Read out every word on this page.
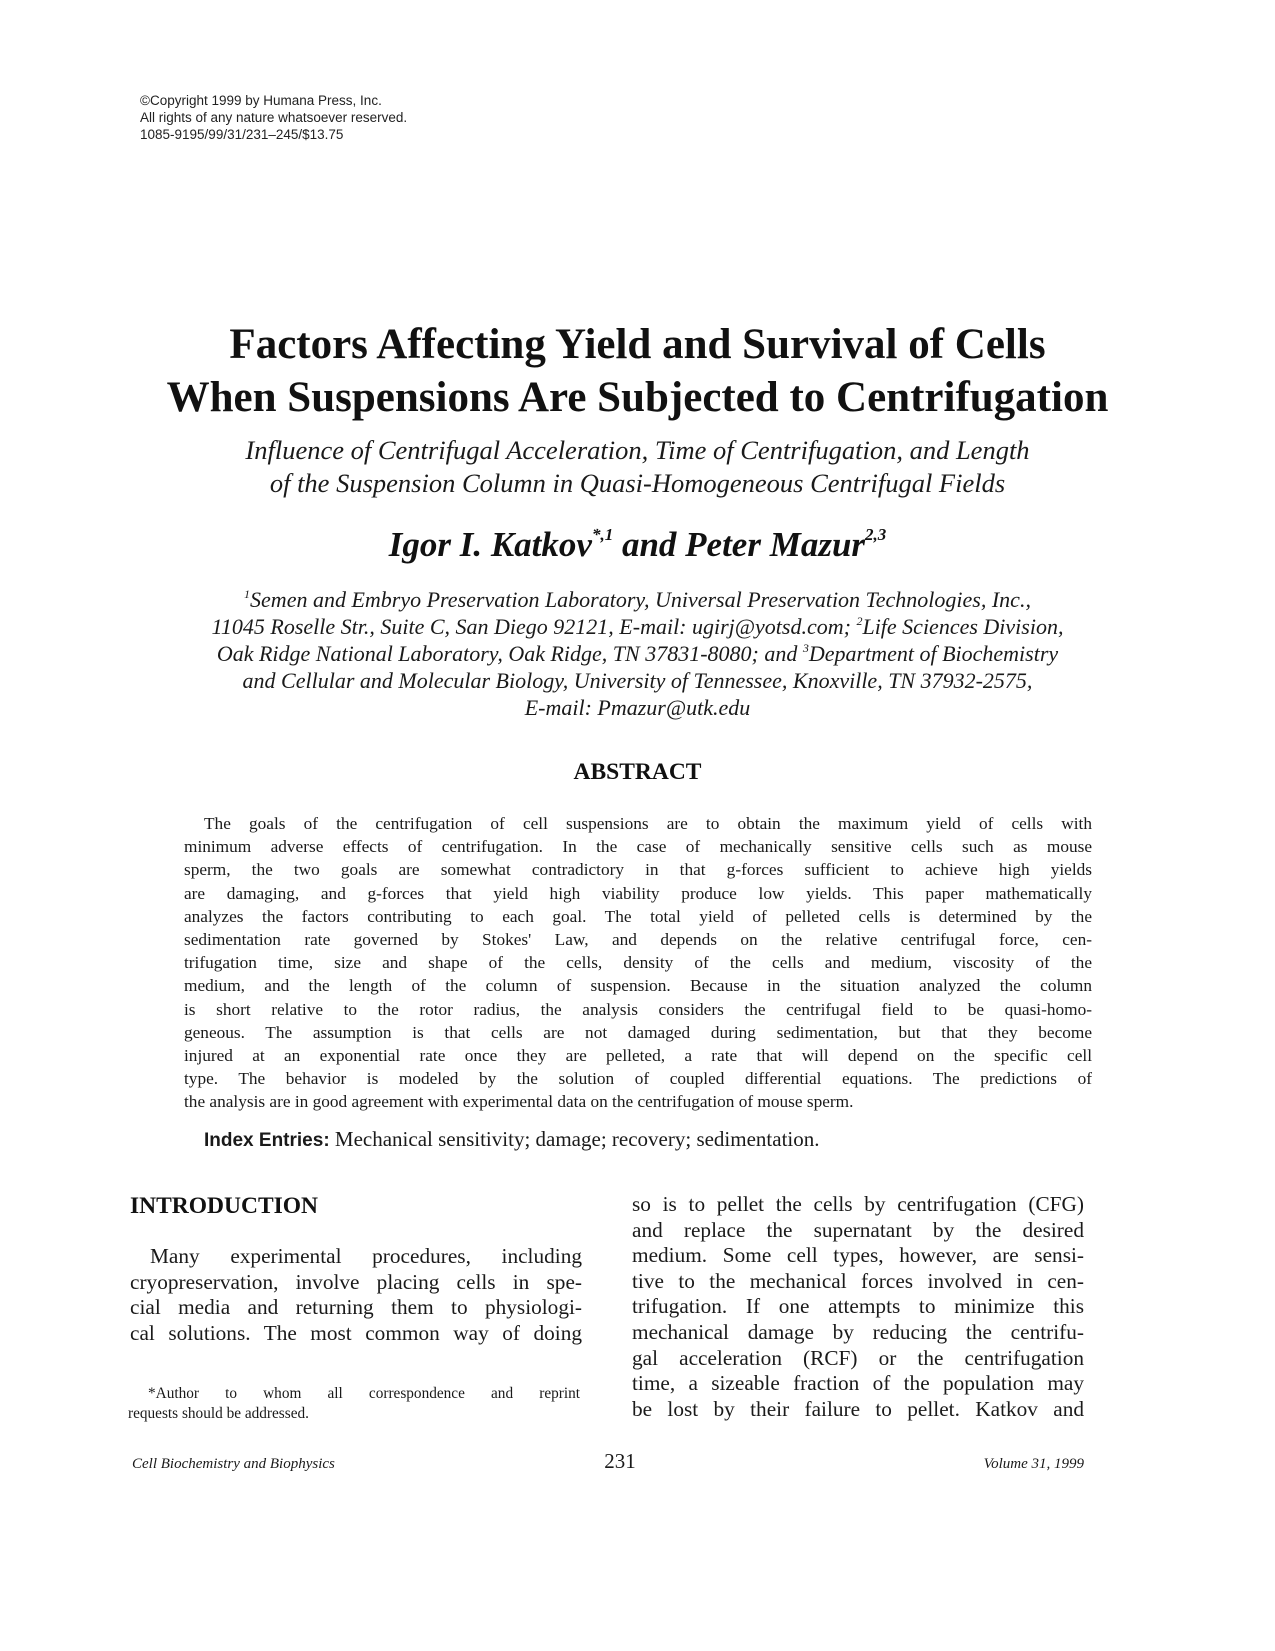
©Copyright 1999 by Humana Press, Inc.
All rights of any nature whatsoever reserved.
1085-9195/99/31/231–245/$13.75
Factors Affecting Yield and Survival of Cells
When Suspensions Are Subjected to Centrifugation
Influence of Centrifugal Acceleration, Time of Centrifugation, and Length
of the Suspension Column in Quasi-Homogeneous Centrifugal Fields
Igor I. Katkov$^{*,1}$ and Peter Mazur$^{2,3}$
$^1$Semen and Embryo Preservation Laboratory, Universal Preservation Technologies, Inc.,
11045 Roselle Str., Suite C, San Diego 92121, E-mail: ugirj@yotsd.com; $^2$Life Sciences Division,
Oak Ridge National Laboratory, Oak Ridge, TN 37831-8080; and $^3$Department of Biochemistry
and Cellular and Molecular Biology, University of Tennessee, Knoxville, TN 37932-2575,
E-mail: Pmazur@utk.edu
ABSTRACT
The goals of the centrifugation of cell suspensions are to obtain the maximum yield of cells with
minimum adverse effects of centrifugation. In the case of mechanically sensitive cells such as mouse
sperm, the two goals are somewhat contradictory in that g-forces sufficient to achieve high yields
are damaging, and g-forces that yield high viability produce low yields. This paper mathematically
analyzes the factors contributing to each goal. The total yield of pelleted cells is determined by the
sedimentation rate governed by Stokes' Law, and depends on the relative centrifugal force, cen-
trifugation time, size and shape of the cells, density of the cells and medium, viscosity of the
medium, and the length of the column of suspension. Because in the situation analyzed the column
is short relative to the rotor radius, the analysis considers the centrifugal field to be quasi-homo-
geneous. The assumption is that cells are not damaged during sedimentation, but that they become
injured at an exponential rate once they are pelleted, a rate that will depend on the specific cell
type. The behavior is modeled by the solution of coupled differential equations. The predictions of
the analysis are in good agreement with experimental data on the centrifugation of mouse sperm.
Index Entries: Mechanical sensitivity; damage; recovery; sedimentation.
INTRODUCTION
Many experimental procedures, including
cryopreservation, involve placing cells in spe-
cial media and returning them to physiologi-
cal solutions. The most common way of doing
so is to pellet the cells by centrifugation (CFG)
and replace the supernatant by the desired
medium. Some cell types, however, are sensi-
tive to the mechanical forces involved in cen-
trifugation. If one attempts to minimize this
mechanical damage by reducing the centrifu-
gal acceleration (RCF) or the centrifugation
time, a sizeable fraction of the population may
be lost by their failure to pellet. Katkov and
*Author to whom all correspondence and reprint
requests should be addressed.
Cell Biochemistry and Biophysics	231	Volume 31, 1999
